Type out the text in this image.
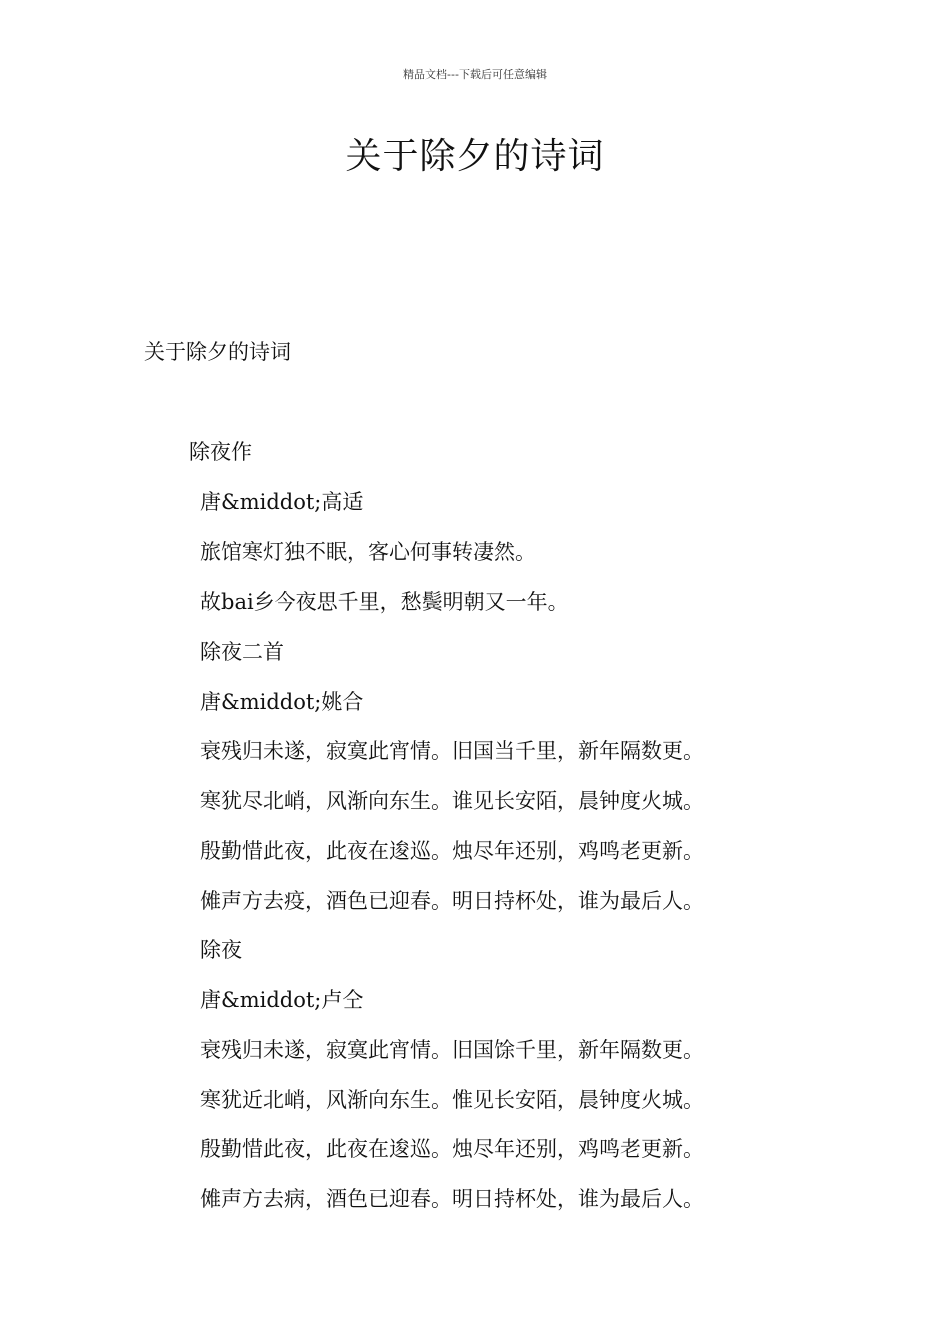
精品文档---下载后可任意编辑
关于除夕的诗词
关于除夕的诗词
除夜作
唐&middot;高适
旅馆寒灯独不眠，客心何事转凄然。
故bai乡今夜思千里，愁鬓明朝又一年。
除夜二首
唐&middot;姚合
衰残归未遂，寂寞此宵情。旧国当千里，新年隔数更。
寒犹尽北峭，风渐向东生。谁见长安陌，晨钟度火城。
殷勤惜此夜，此夜在逡巡。烛尽年还别，鸡鸣老更新。
傩声方去疫，酒色已迎春。明日持杯处，谁为最后人。
除夜
唐&middot;卢仝
衰残归未遂，寂寞此宵情。旧国馀千里，新年隔数更。
寒犹近北峭，风渐向东生。惟见长安陌，晨钟度火城。
殷勤惜此夜，此夜在逡巡。烛尽年还别，鸡鸣老更新。
傩声方去病，酒色已迎春。明日持杯处，谁为最后人。
